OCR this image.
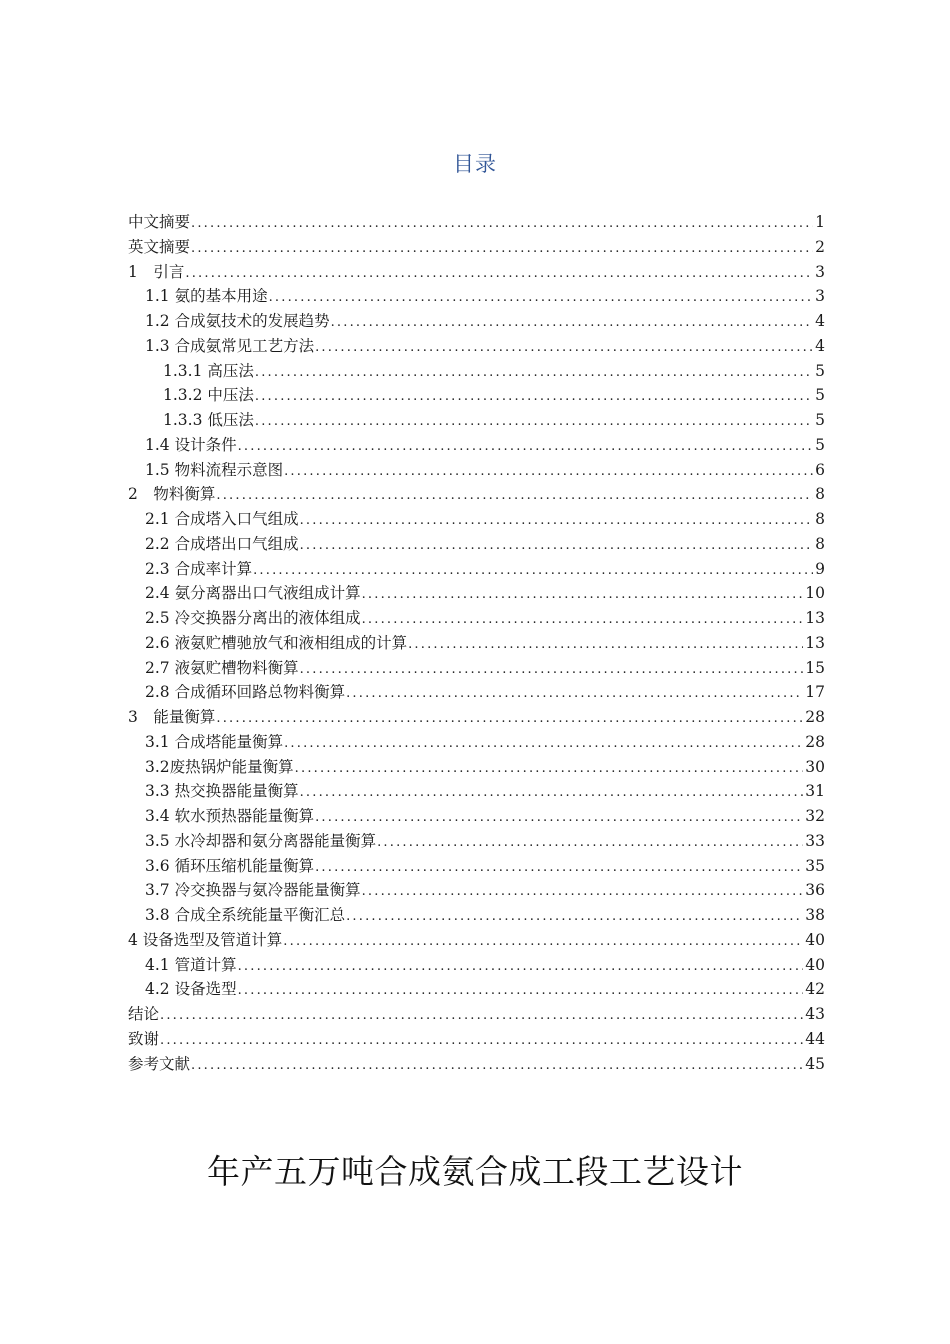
目录
中文摘要 .....	1
英文摘要 .....	2
1　引言 .....	3
1.1 氨的基本用途 .....	3
1.2 合成氨技术的发展趋势 .....	4
1.3 合成氨常见工艺方法 .....	4
1.3.1 高压法 .....	5
1.3.2 中压法 .....	5
1.3.3 低压法 .....	5
1.4 设计条件 .....	5
1.5 物料流程示意图 .....	6
2　物料衡算 .....	8
2.1 合成塔入口气组成 .....	8
2.2 合成塔出口气组成 .....	8
2.3 合成率计算 .....	9
2.4 氨分离器出口气液组成计算 .....	10
2.5 冷交换器分离出的液体组成 .....	13
2.6 液氨贮槽驰放气和液相组成的计算 .....	13
2.7 液氨贮槽物料衡算 .....	15
2.8 合成循环回路总物料衡算 .....	17
3　能量衡算 .....	28
3.1 合成塔能量衡算 .....	28
3.2废热锅炉能量衡算 .....	30
3.3 热交换器能量衡算 .....	31
3.4 软水预热器能量衡算 .....	32
3.5 水冷却器和氨分离器能量衡算 .....	33
3.6 循环压缩机能量衡算 .....	35
3.7 冷交换器与氨冷器能量衡算 .....	36
3.8 合成全系统能量平衡汇总 .....	38
4 设备选型及管道计算 .....	40
4.1 管道计算 .....	40
4.2 设备选型 .....	42
结论 .....	43
致谢 .....	44
参考文献 .....	45
年产五万吨合成氨合成工段工艺设计
